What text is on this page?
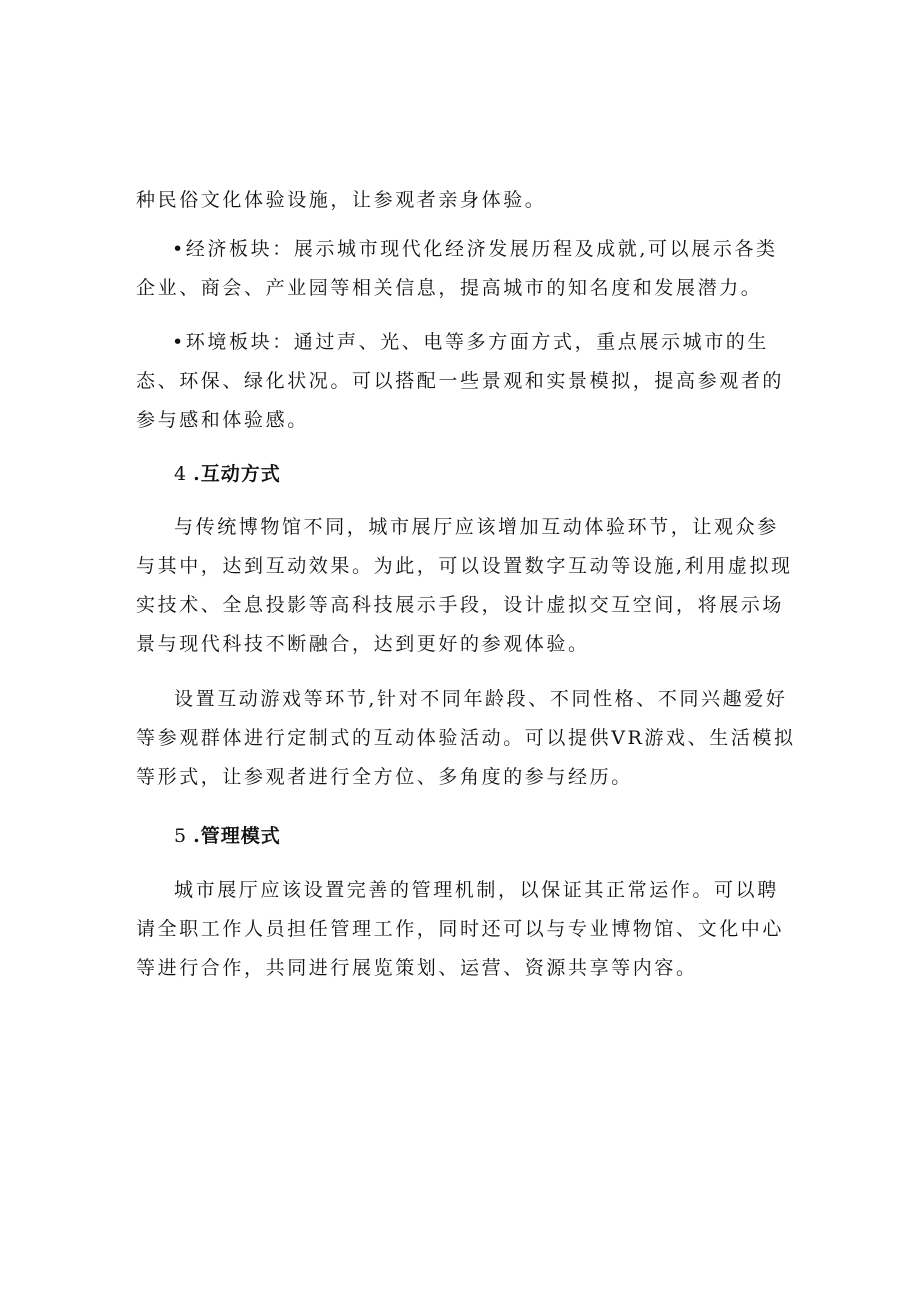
种民俗文化体验设施，让参观者亲身体验。

•经济板块：展示城市现代化经济发展历程及成就,可以展示各类企业、商会、产业园等相关信息，提高城市的知名度和发展潜力。

•环境板块：通过声、光、电等多方面方式，重点展示城市的生态、环保、绿化状况。可以搭配一些景观和实景模拟，提高参观者的参与感和体验感。

4 .互动方式

与传统博物馆不同，城市展厅应该增加互动体验环节，让观众参与其中，达到互动效果。为此，可以设置数字互动等设施,利用虚拟现实技术、全息投影等高科技展示手段，设计虚拟交互空间，将展示场景与现代科技不断融合，达到更好的参观体验。

设置互动游戏等环节,针对不同年龄段、不同性格、不同兴趣爱好等参观群体进行定制式的互动体验活动。可以提供VR游戏、生活模拟等形式，让参观者进行全方位、多角度的参与经历。

5 .管理模式

城市展厅应该设置完善的管理机制，以保证其正常运作。可以聘请全职工作人员担任管理工作，同时还可以与专业博物馆、文化中心等进行合作，共同进行展览策划、运营、资源共享等内容。
